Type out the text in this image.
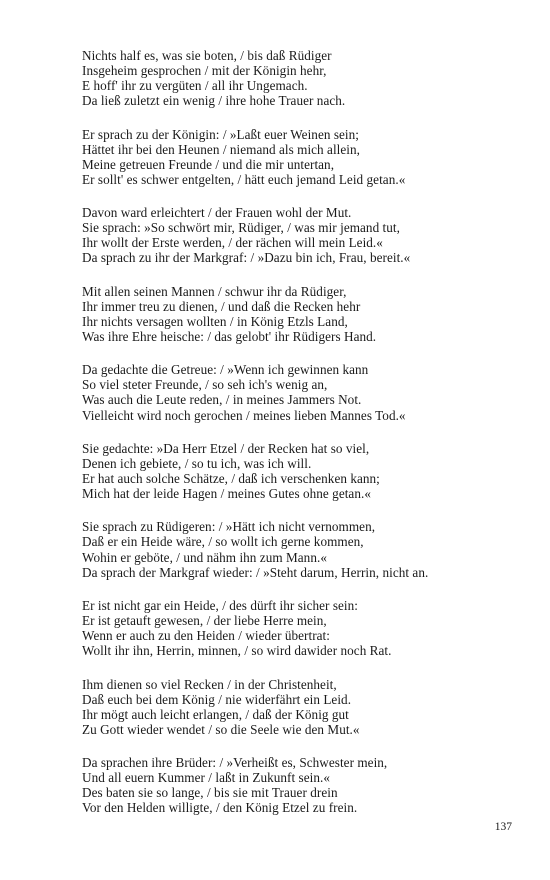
Nichts half es, was sie boten, / bis daß Rüdiger
Insgeheim gesprochen / mit der Königin hehr,
E hoff' ihr zu vergüten / all ihr Ungemach.
Da ließ zuletzt ein wenig / ihre hohe Trauer nach.
Er sprach zu der Königin: / »Laßt euer Weinen sein;
Hättet ihr bei den Heunen / niemand als mich allein,
Meine getreuen Freunde / und die mir untertan,
Er sollt' es schwer entgelten, / hätt euch jemand Leid getan.«
Davon ward erleichtert / der Frauen wohl der Mut.
Sie sprach: »So schwört mir, Rüdiger, / was mir jemand tut,
Ihr wollt der Erste werden, / der rächen will mein Leid.«
Da sprach zu ihr der Markgraf: / »Dazu bin ich, Frau, bereit.«
Mit allen seinen Mannen / schwur ihr da Rüdiger,
Ihr immer treu zu dienen, / und daß die Recken hehr
Ihr nichts versagen wollten / in König Etzls Land,
Was ihre Ehre heische: / das gelobt' ihr Rüdigers Hand.
Da gedachte die Getreue: / »Wenn ich gewinnen kann
So viel steter Freunde, / so seh ich's wenig an,
Was auch die Leute reden, / in meines Jammers Not.
Vielleicht wird noch gerochen / meines lieben Mannes Tod.«
Sie gedachte: »Da Herr Etzel / der Recken hat so viel,
Denen ich gebiete, / so tu ich, was ich will.
Er hat auch solche Schätze, / daß ich verschenken kann;
Mich hat der leide Hagen / meines Gutes ohne getan.«
Sie sprach zu Rüdigeren: / »Hätt ich nicht vernommen,
Daß er ein Heide wäre, / so wollt ich gerne kommen,
Wohin er geböte, / und nähm ihn zum Mann.«
Da sprach der Markgraf wieder: / »Steht darum, Herrin, nicht an.
Er ist nicht gar ein Heide, / des dürft ihr sicher sein:
Er ist getauft gewesen, / der liebe Herre mein,
Wenn er auch zu den Heiden / wieder übertrat:
Wollt ihr ihn, Herrin, minnen, / so wird dawider noch Rat.
Ihm dienen so viel Recken / in der Christenheit,
Daß euch bei dem König / nie widerfährt ein Leid.
Ihr mögt auch leicht erlangen, / daß der König gut
Zu Gott wieder wendet / so die Seele wie den Mut.«
Da sprachen ihre Brüder: / »Verheißt es, Schwester mein,
Und all euern Kummer / laßt in Zukunft sein.«
Des baten sie so lange, / bis sie mit Trauer drein
Vor den Helden willigte, / den König Etzel zu frein.
137
